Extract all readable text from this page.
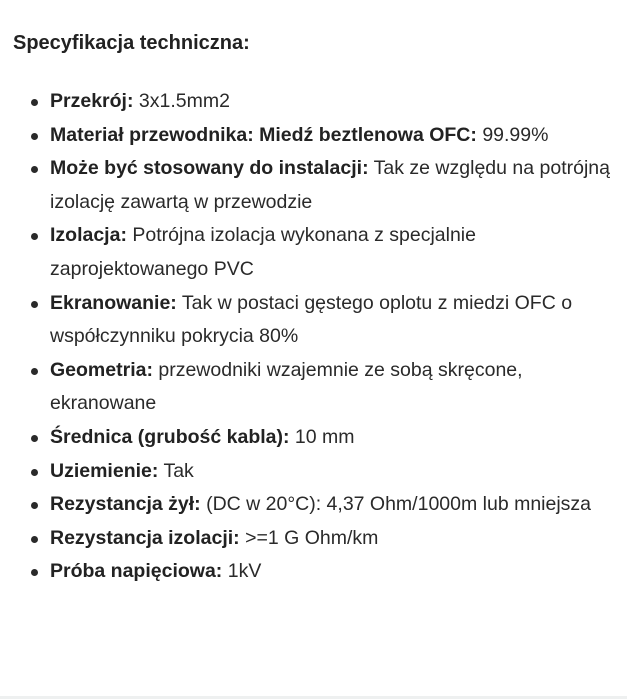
Specyfikacja techniczna:
Przekrój: 3x1.5mm2
Materiał przewodnika: Miedź beztlenowa OFC: 99.99%
Może być stosowany do instalacji: Tak ze względu na potrójną izolację zawartą w przewodzie
Izolacja: Potrójna izolacja wykonana z specjalnie zaprojektowanego PVC
Ekranowanie: Tak w postaci gęstego oplotu z miedzi OFC o współczynniku pokrycia 80%
Geometria: przewodniki wzajemnie ze sobą skręcone, ekranowane
Średnica (grubość kabla): 10 mm
Uziemienie: Tak
Rezystancja żył: (DC w 20°C): 4,37 Ohm/1000m lub mniejsza
Rezystancja izolacji: >=1 G Ohm/km
Próba napięciowa: 1kV
